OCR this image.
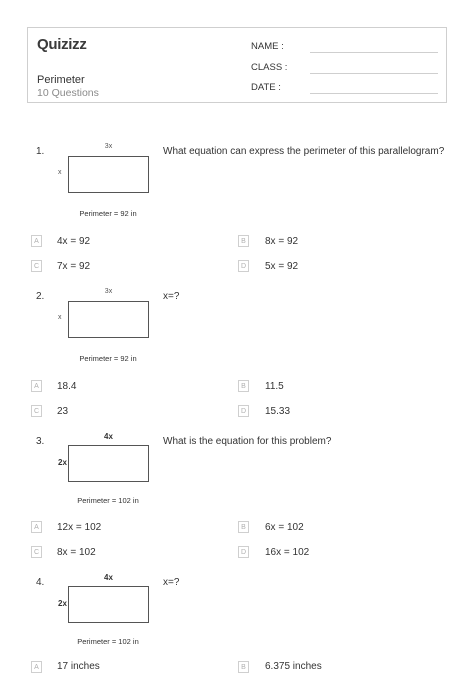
Quizizz
Perimeter
10 Questions
NAME :
CLASS :
DATE :
1.	What equation can express the perimeter of this parallelogram?
3x
x
Perimeter = 92 in
A	4x = 92	B	8x = 92
C 7x = 92	D 5x = 92
2.	x=?
3x
x
Perimeter = 92 in
A	18.4	B	11.5
C 23	D 15.33
3.	What is the equation for this problem?
4x
2x
Perimeter = 102 in
A	12x = 102	B	6x = 102
C 8x = 102	D 16x = 102
4.	x=?
4x
2x
Perimeter = 102 in
A	17 inches	B	6.375 inches
